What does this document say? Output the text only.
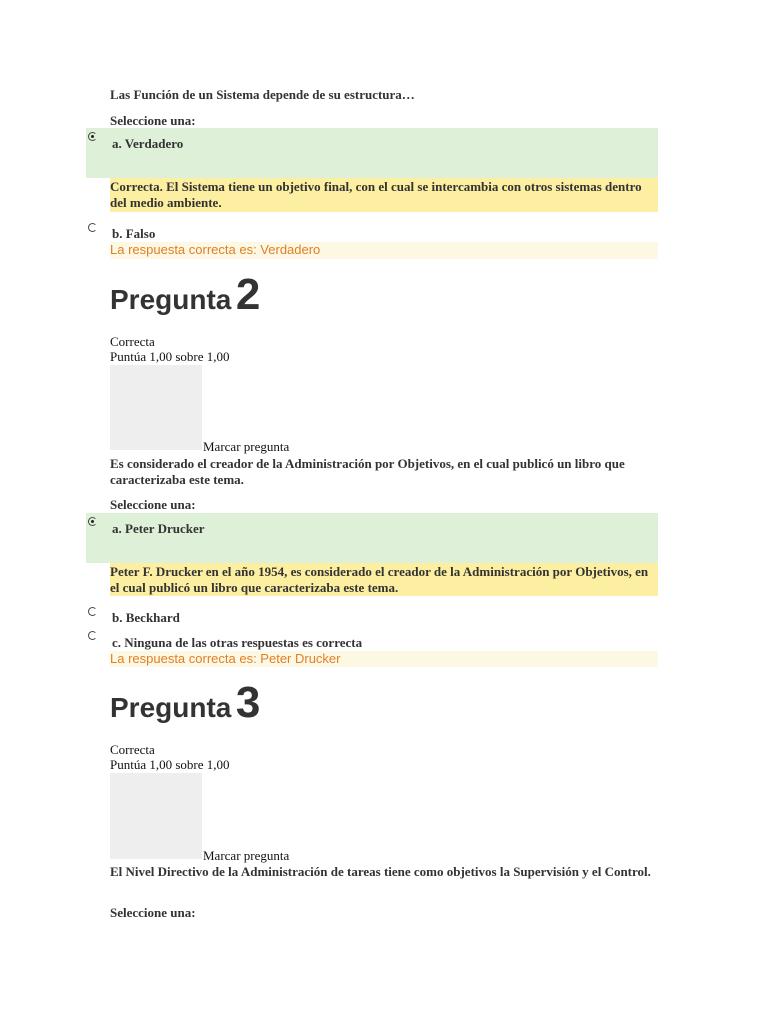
Las Función de un Sistema depende de su estructura…
Seleccione una:
a. Verdadero
Correcta. El Sistema tiene un objetivo final, con el cual se intercambia con otros sistemas dentro del medio ambiente.
b. Falso
La respuesta correcta es: Verdadero
Pregunta 2
Correcta
Puntúa 1,00 sobre 1,00
Marcar pregunta
Es considerado el creador de la Administración por Objetivos, en el cual publicó un libro que caracterizaba este tema.
Seleccione una:
a. Peter Drucker
Peter F. Drucker en el año 1954, es considerado el creador de la Administración por Objetivos, en el cual publicó un libro que caracterizaba este tema.
b. Beckhard
c. Ninguna de las otras respuestas es correcta
La respuesta correcta es: Peter Drucker
Pregunta 3
Correcta
Puntúa 1,00 sobre 1,00
Marcar pregunta
El Nivel Directivo de la Administración de tareas tiene como objetivos la Supervisión y el Control.
Seleccione una:
